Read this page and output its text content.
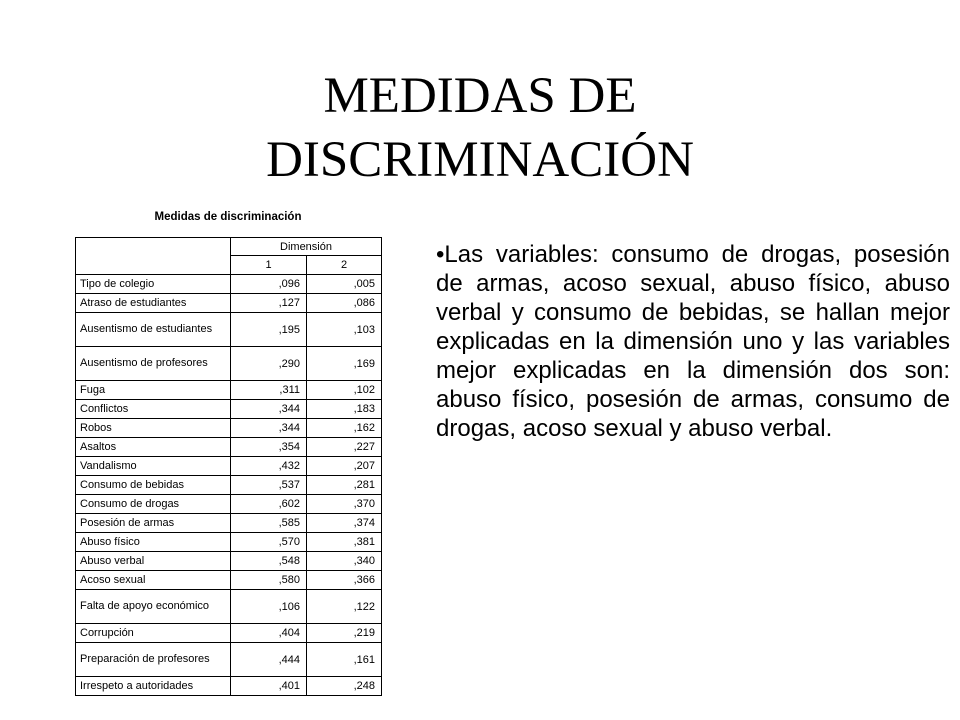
MEDIDAS DE
DISCRIMINACIÓN
Medidas de discriminación
	Dimensión	
	1	2
Tipo de colegio	,096	,005
Atraso de estudiantes	,127	,086
Ausentismo de estudiantes	,195	,103
Ausentismo de profesores	,290	,169
Fuga	,311	,102
Conflictos	,344	,183
Robos	,344	,162
Asaltos	,354	,227
Vandalismo	,432	,207
Consumo de bebidas	,537	,281
Consumo de drogas	,602	,370
Posesión de armas	,585	,374
Abuso físico	,570	,381
Abuso verbal	,548	,340
Acoso sexual	,580	,366
Falta de apoyo económico	,106	,122
Corrupción	,404	,219
Preparación de profesores	,444	,161
Irrespeto a autoridades	,401	,248
•Las variables: consumo de drogas, posesión de armas, acoso sexual, abuso físico, abuso verbal y consumo de bebidas, se hallan mejor explicadas en la dimensión uno y las variables mejor explicadas en la dimensión dos son: abuso físico, posesión de armas, consumo de drogas, acoso sexual y abuso verbal.
